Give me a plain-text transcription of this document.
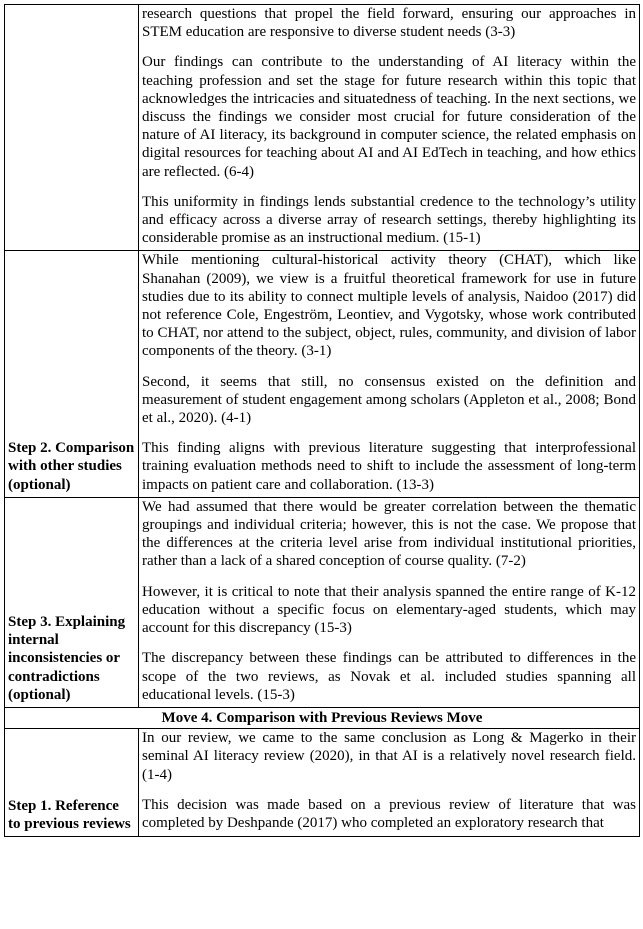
	research questions that propel the field forward, ensuring our approaches in STEM education are responsive to diverse student needs (3-3)

Our findings can contribute to the understanding of AI literacy within the teaching profession and set the stage for future research within this topic that acknowledges the intricacies and situatedness of teaching. In the next sections, we discuss the findings we consider most crucial for future consideration of the nature of AI literacy, its background in computer science, the related emphasis on digital resources for teaching about AI and AI EdTech in teaching, and how ethics are reflected. (6-4)

This uniformity in findings lends substantial credence to the technology’s utility and efficacy across a diverse array of research settings, thereby highlighting its considerable promise as an instructional medium. (15-1)

Step 2. Comparison with other studies (optional)	While mentioning cultural-historical activity theory (CHAT), which like Shanahan (2009), we view is a fruitful theoretical framework for use in future studies due to its ability to connect multiple levels of analysis, Naidoo (2017) did not reference Cole, Engeström, Leontiev, and Vygotsky, whose work contributed to CHAT, nor attend to the subject, object, rules, community, and division of labor components of the theory. (3-1)

Second, it seems that still, no consensus existed on the definition and measurement of student engagement among scholars (Appleton et al., 2008; Bond et al., 2020). (4-1)

This finding aligns with previous literature suggesting that interprofessional training evaluation methods need to shift to include the assessment of long-term impacts on patient care and collaboration. (13-3)

Step 3. Explaining internal inconsistencies or contradictions (optional)	We had assumed that there would be greater correlation between the thematic groupings and individual criteria; however, this is not the case. We propose that the differences at the criteria level arise from individual institutional priorities, rather than a lack of a shared conception of course quality. (7-2)

However, it is critical to note that their analysis spanned the entire range of K-12 education without a specific focus on elementary-aged students, which may account for this discrepancy (15-3)

The discrepancy between these findings can be attributed to differences in the scope of the two reviews, as Novak et al. included studies spanning all educational levels. (15-3)

Move 4. Comparison with Previous Reviews Move	
Step 1. Reference to previous reviews	In our review, we came to the same conclusion as Long & Magerko in their seminal AI literacy review (2020), in that AI is a relatively novel research field. (1-4)

This decision was made based on a previous review of literature that was completed by Deshpande (2017) who completed an exploratory research that
